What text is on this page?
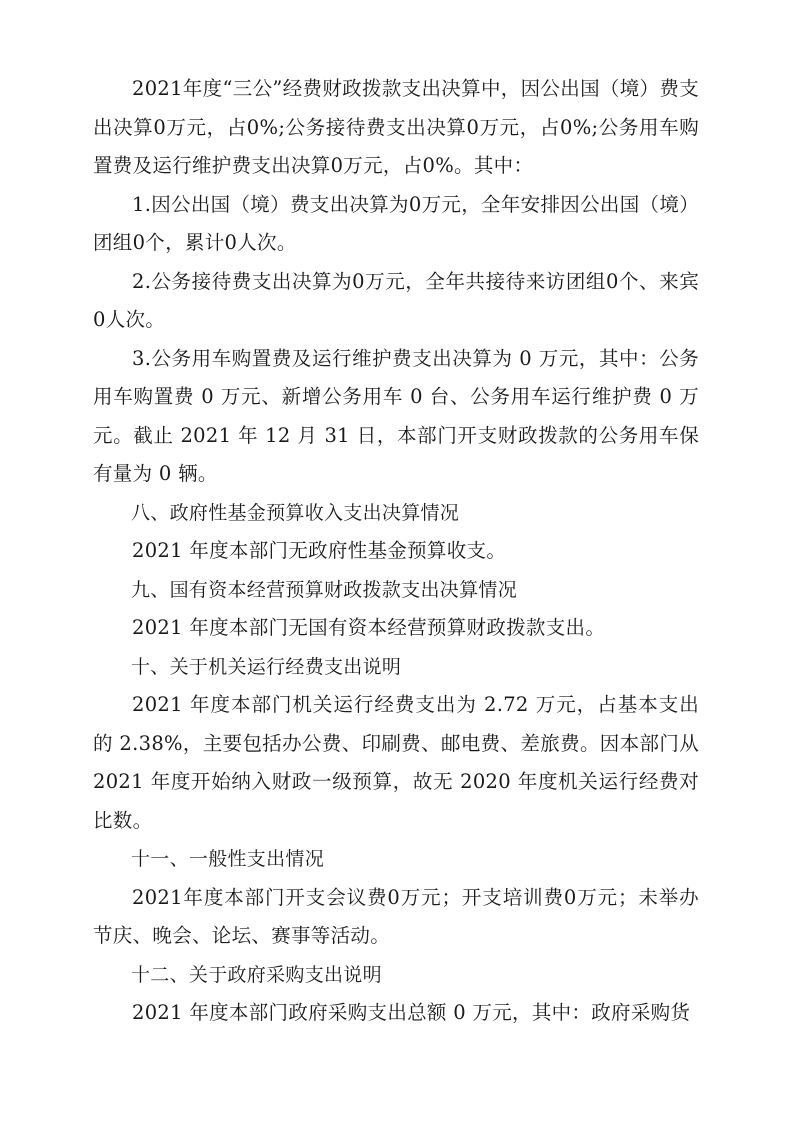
2021年度“三公”经费财政拨款支出决算中，因公出国（境）费支出决算0万元，占0%;公务接待费支出决算0万元，占0%;公务用车购置费及运行维护费支出决算0万元，占0%。其中：

1.因公出国（境）费支出决算为0万元，全年安排因公出国（境）团组0个，累计0人次。

2.公务接待费支出决算为0万元，全年共接待来访团组0个、来宾0人次。

3.公务用车购置费及运行维护费支出决算为 0 万元，其中：公务用车购置费 0 万元、新增公务用车 0 台、公务用车运行维护费 0 万元。截止 2021 年 12 月 31 日，本部门开支财政拨款的公务用车保有量为 0 辆。

八、政府性基金预算收入支出决算情况

2021 年度本部门无政府性基金预算收支。

九、国有资本经营预算财政拨款支出决算情况

2021 年度本部门无国有资本经营预算财政拨款支出。

十、关于机关运行经费支出说明

2021 年度本部门机关运行经费支出为 2.72 万元，占基本支出的 2.38%，主要包括办公费、印刷费、邮电费、差旅费。因本部门从 2021 年度开始纳入财政一级预算，故无 2020 年度机关运行经费对比数。

十一、一般性支出情况

2021年度本部门开支会议费0万元；开支培训费0万元；未举办节庆、晚会、论坛、赛事等活动。

十二、关于政府采购支出说明

2021 年度本部门政府采购支出总额 0 万元，其中：政府采购货
